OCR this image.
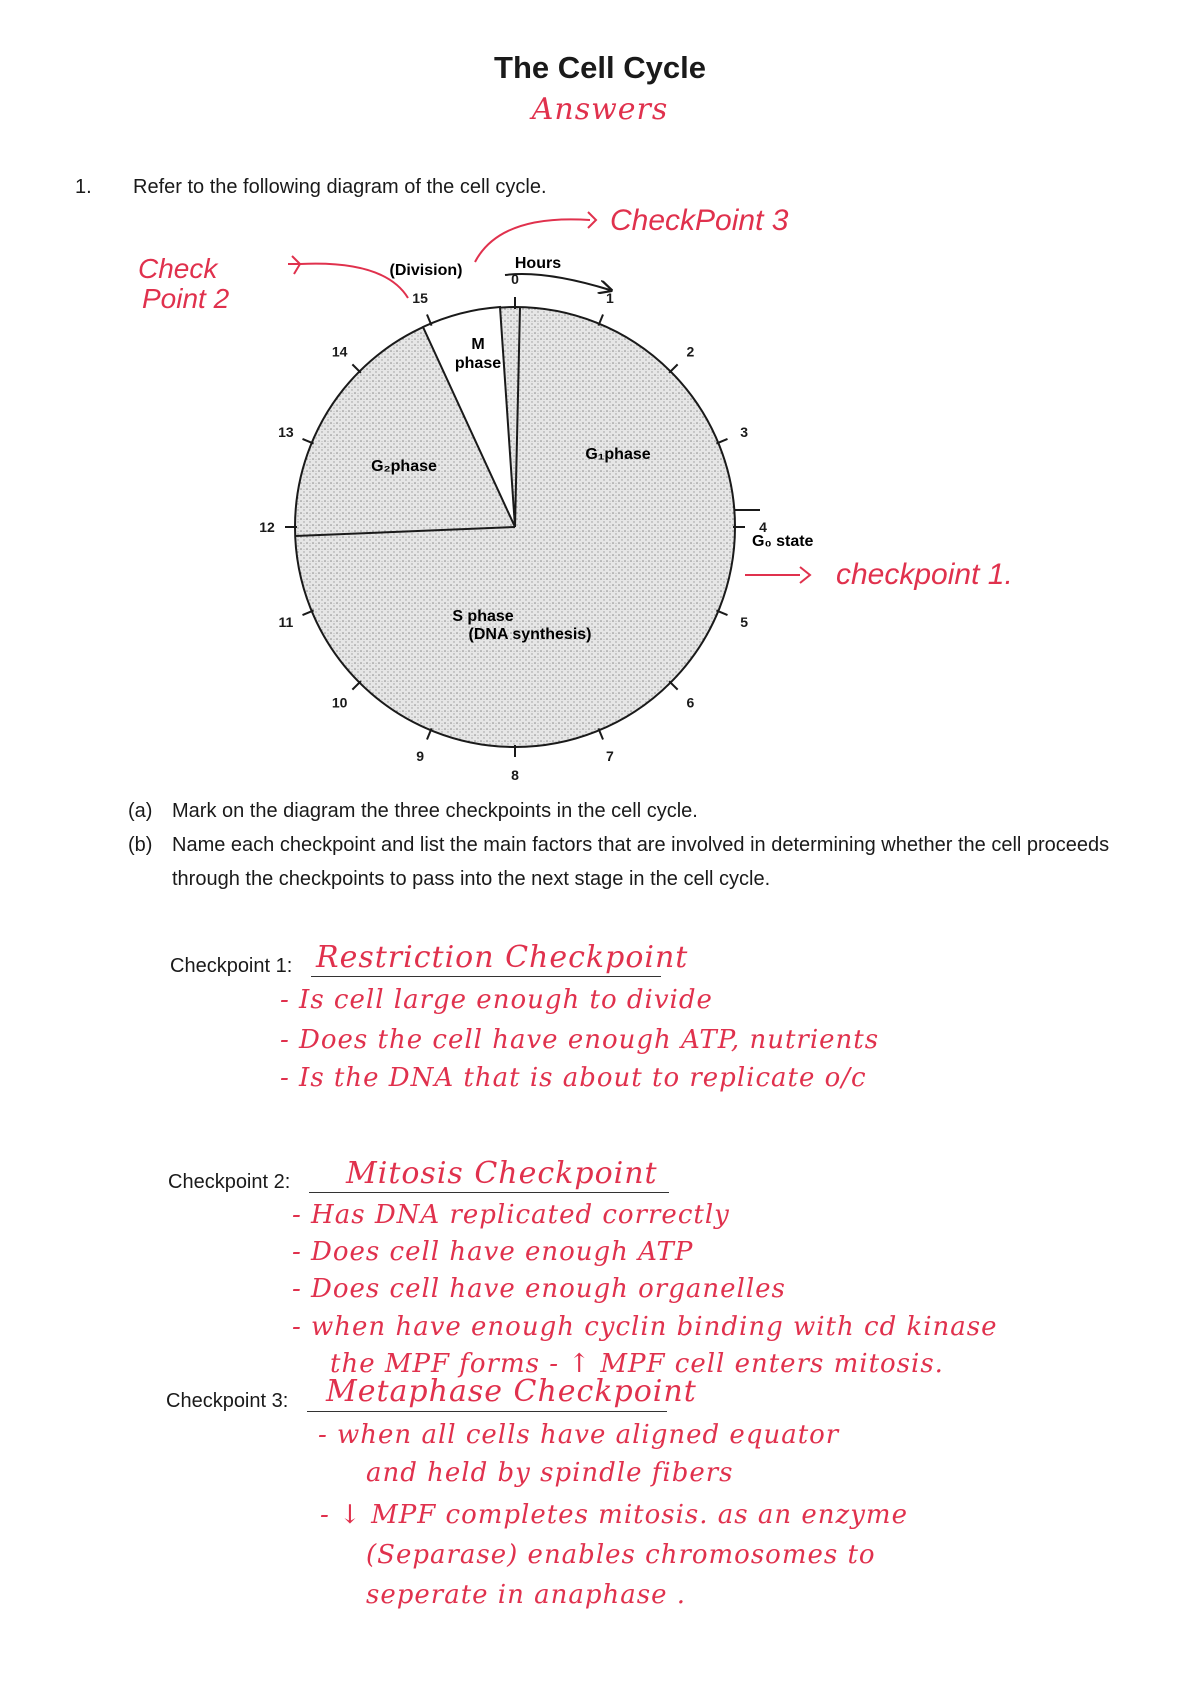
The Cell Cycle
Answers
1. Refer to the following diagram of the cell cycle.
0
1
2
3
4
5
6
7
8
9
10
11
12
13
14
15
M
phase
G₁phase
G₂phase
S phase
(DNA synthesis)
(Division)	Hours
G₀ state
CheckPoint 3
Check
Point 2
checkpoint 1.
(a) Mark on the diagram the three checkpoints in the cell cycle.
(b) Name each checkpoint and list the main factors that are involved in determining whether the cell proceeds through the checkpoints to pass into the next stage in the cell cycle.
Checkpoint 1: Restriction Checkpoint
- Is cell large enough to divide
- Does the cell have enough ATP, nutrients
- Is the DNA that is about to replicate o/c
Checkpoint 2: Mitosis Checkpoint
- Has DNA replicated correctly
- Does cell have enough ATP
- Does cell have enough organelles
- when have enough cyclin binding with cd kinase
the MPF forms - ↑ MPF cell enters mitosis.
Checkpoint 3: Metaphase Checkpoint
- when all cells have aligned equator
and held by spindle fibers
- ↓ MPF completes mitosis. as an enzyme
(Separase) enables chromosomes to
seperate in anaphase .
